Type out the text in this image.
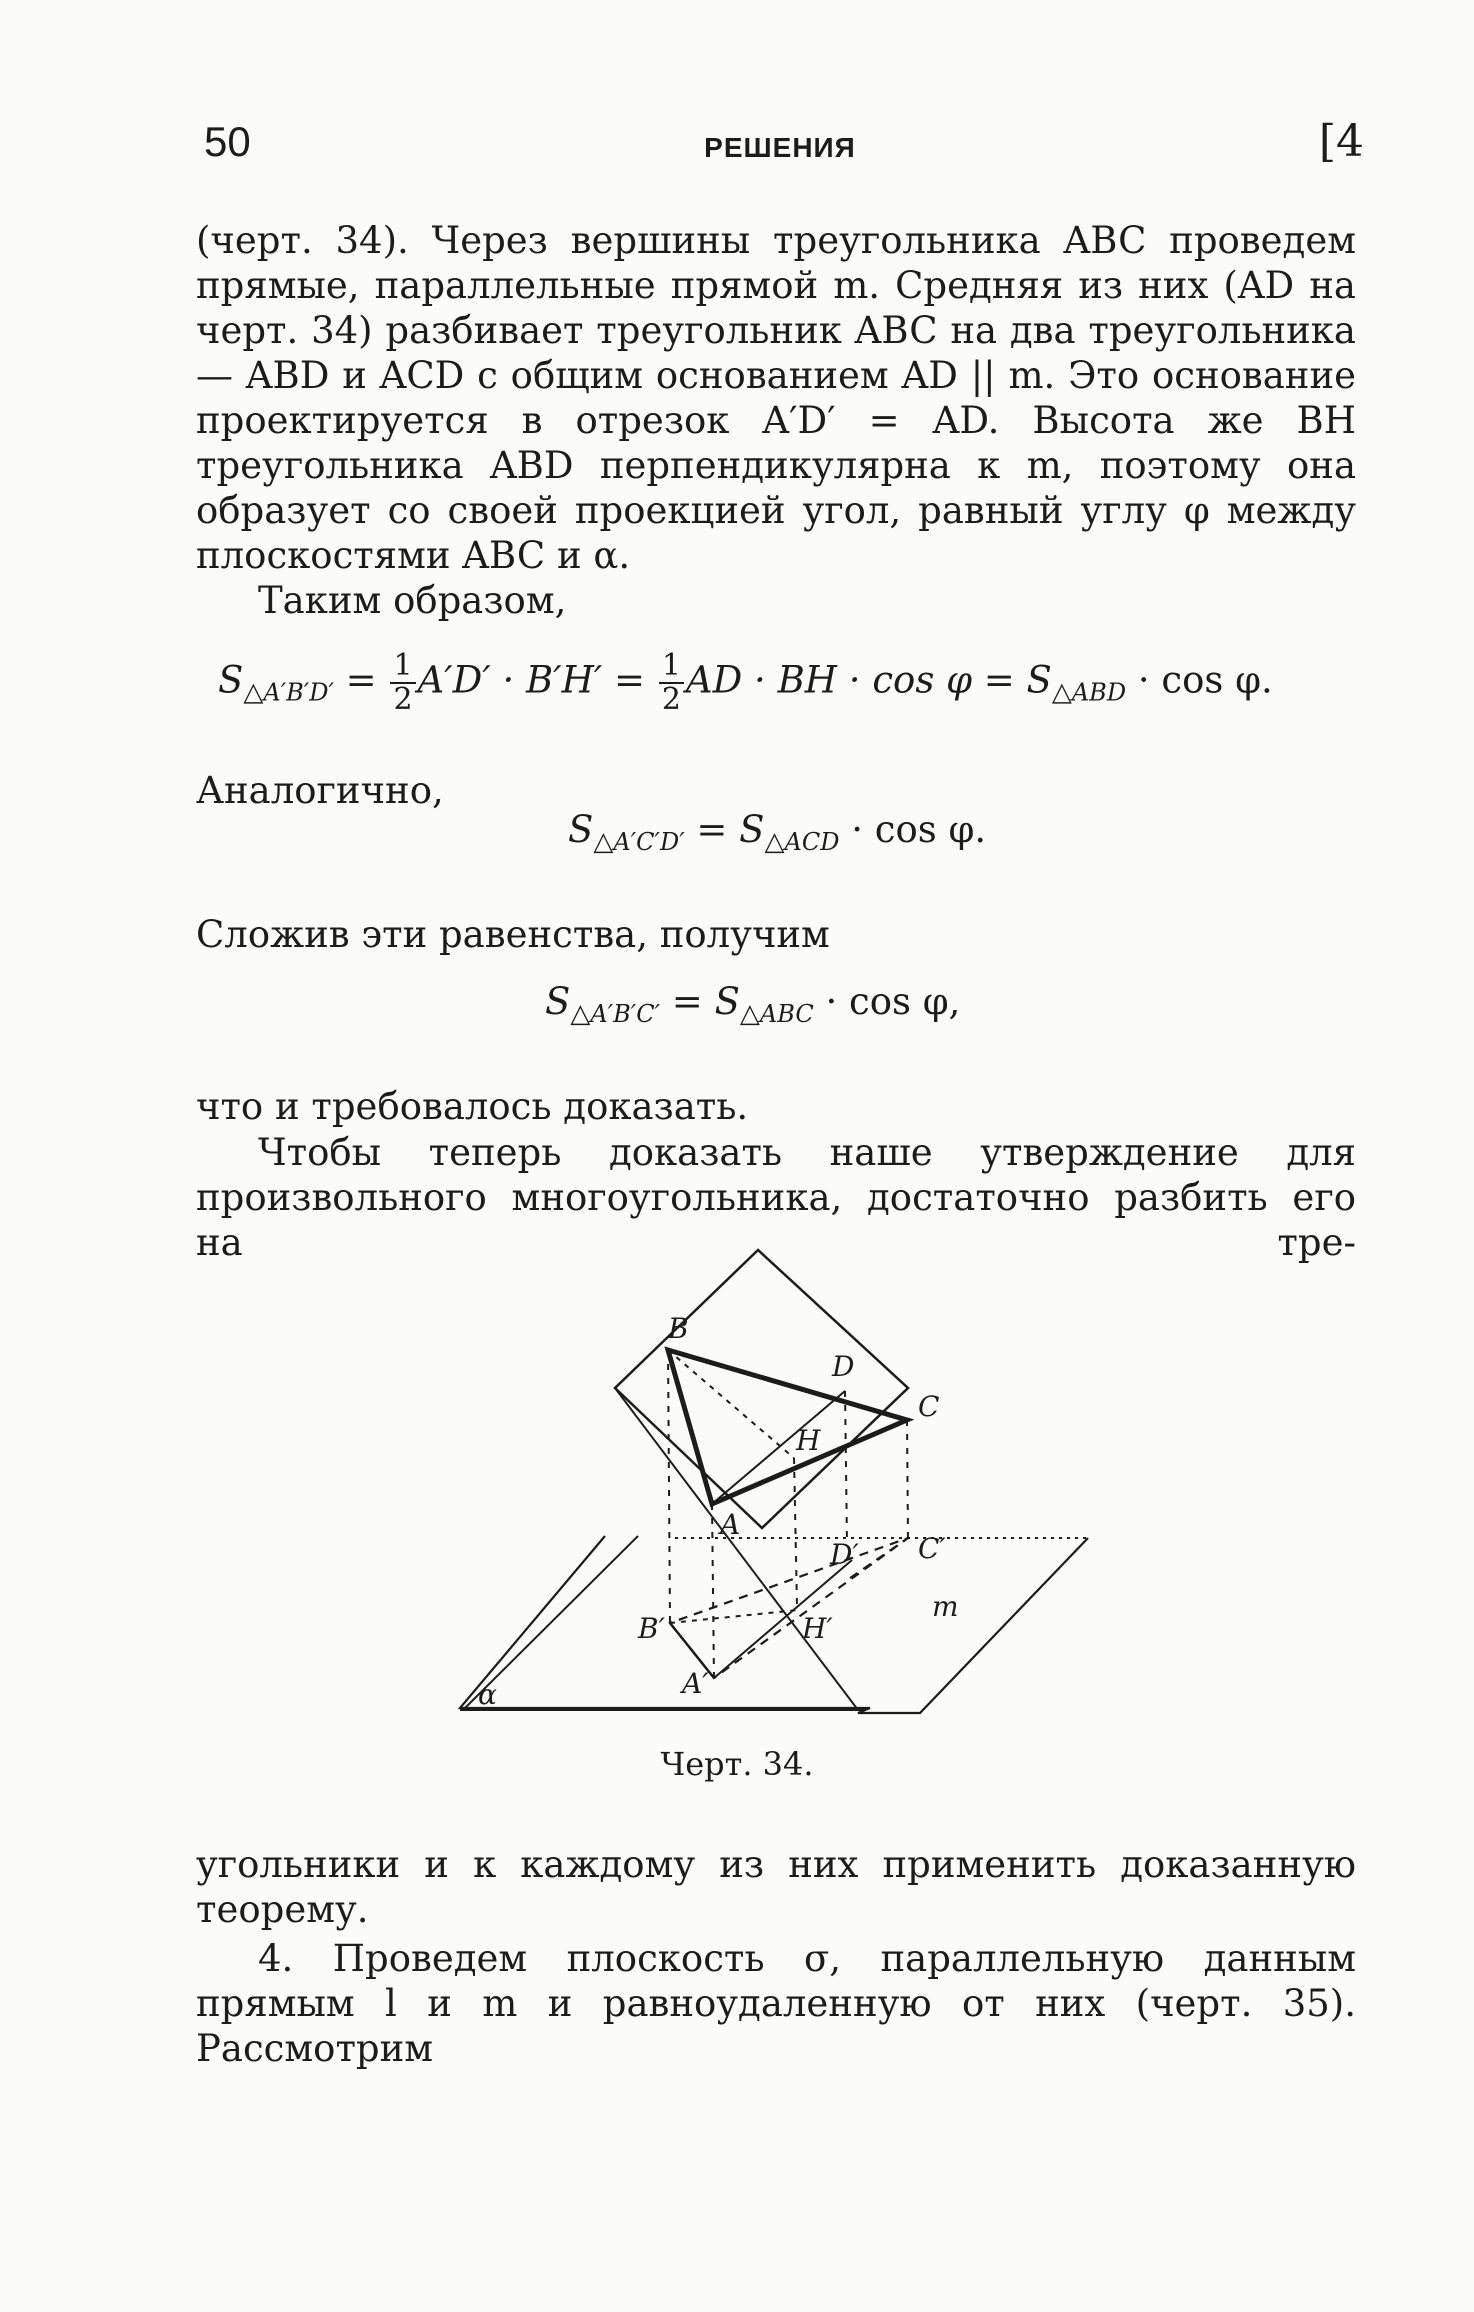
50	РЕШЕНИЯ	[4

(черт. 34). Через вершины треугольника ABC проведем прямые, параллельные прямой m. Средняя из них (AD на черт. 34) разбивает треугольник ABC на два треугольника — ABD и ACD с общим основанием AD || m. Это основание проектируется в отрезок A′D′ = AD. Высота же BH треугольника ABD перпендикулярна к m, поэтому она образует со своей проекцией угол, равный углу φ между плоскостями ABC и α.

Таким образом,

$S_{\triangle A'B'D'} = \frac{1}{2} A'D' \cdot B'H' = \frac{1}{2}$ AD · BH · $\cos \varphi = S_{\triangle ABD} \cdot \cos \varphi$.

Аналогично,

$S_{\triangle A'C'D'} = S_{\triangle ACD} \cdot \cos \varphi$.

Сложив эти равенства, получим

$S_{\triangle A'B'C'} = S_{\triangle ABC} \cdot \cos \varphi$,

что и требовалось доказать.

Чтобы теперь доказать наше утверждение для произвольного многоугольника, достаточно разбить его на тре-

B
D
H
C
A
D′ C′
B′	H′
A′
m
α
Черт. 34.

угольники и к каждому из них применить доказанную теорему.

4. Проведем плоскость σ, параллельную данным прямым l и m и равноудаленную от них (черт. 35). Рассмотрим
